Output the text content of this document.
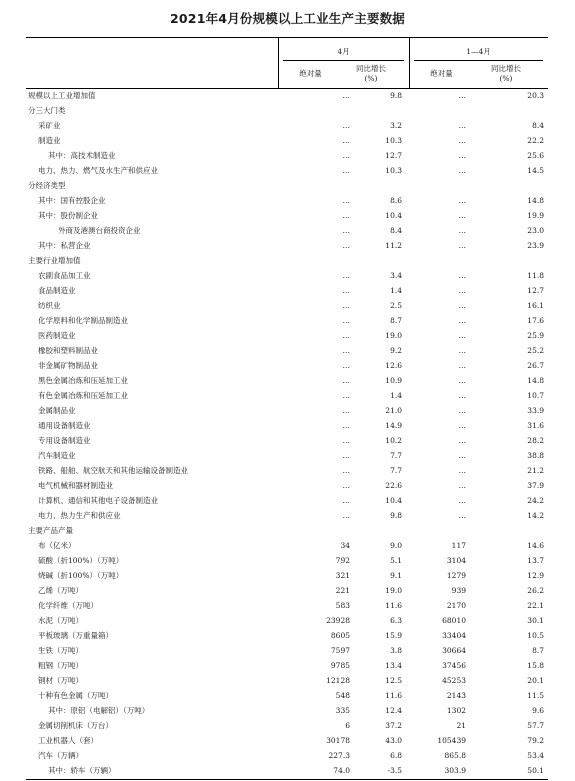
2021年4月份规模以上工业生产主要数据
4月	1—4月
绝对量
同比增长
(%)
绝对量
同比增长
(%)
规模以上工业增加值	…	9.8	…	20.3
分三大门类
采矿业	…	3.2	…	8.4
制造业	…	10.3	…	22.2
其中：高技术制造业	…	12.7	…	25.6
电力、热力、燃气及水生产和供应业	…	10.3	…	14.5
分经济类型
其中：国有控股企业	…	8.6	…	14.8
其中：股份制企业	…	10.4	…	19.9
外商及港澳台商投资企业	…	8.4	…	23.0
其中：私营企业	…	11.2	…	23.9
主要行业增加值
农副食品加工业	…	3.4	…	11.8
食品制造业	…	1.4	…	12.7
纺织业	…	2.5	…	16.1
化学原料和化学制品制造业	…	8.7	…	17.6
医药制造业	…	19.0	…	25.9
橡胶和塑料制品业	…	9.2	…	25.2
非金属矿物制品业	…	12.6	…	26.7
黑色金属冶炼和压延加工业	…	10.9	…	14.8
有色金属冶炼和压延加工业	…	1.4	…	10.7
金属制品业	…	21.0	…	33.9
通用设备制造业	…	14.9	…	31.6
专用设备制造业	…	10.2	…	28.2
汽车制造业	…	7.7	…	38.8
铁路、船舶、航空航天和其他运输设备制造业	…	7.7	…	21.2
电气机械和器材制造业	…	22.6	…	37.9
计算机、通信和其他电子设备制造业	…	10.4	…	24.2
电力、热力生产和供应业	…	9.8	…	14.2
主要产品产量
布（亿米）	34	9.0	117	14.6
硫酸（折100%）（万吨）	792	5.1	3104	13.7
烧碱（折100%）（万吨）	321	9.1	1279	12.9
乙烯（万吨）	221	19.0	939	26.2
化学纤维（万吨）	583	11.6	2170	22.1
水泥（万吨）	23928	6.3	68010	30.1
平板玻璃（万重量箱）	8605	15.9	33404	10.5
生铁（万吨）	7597	3.8	30664	8.7
粗钢（万吨）	9785	13.4	37456	15.8
钢材（万吨）	12128	12.5	45253	20.1
十种有色金属（万吨）	548	11.6	2143	11.5
其中：原铝（电解铝）（万吨）	335	12.4	1302	9.6
金属切削机床（万台）	6	37.2	21	57.7
工业机器人（套）	30178	43.0	105439	79.2
汽车（万辆）	227.3	6.8	865.8	53.4
其中：轿车（万辆）	74.0	-3.5	303.9	50.1
